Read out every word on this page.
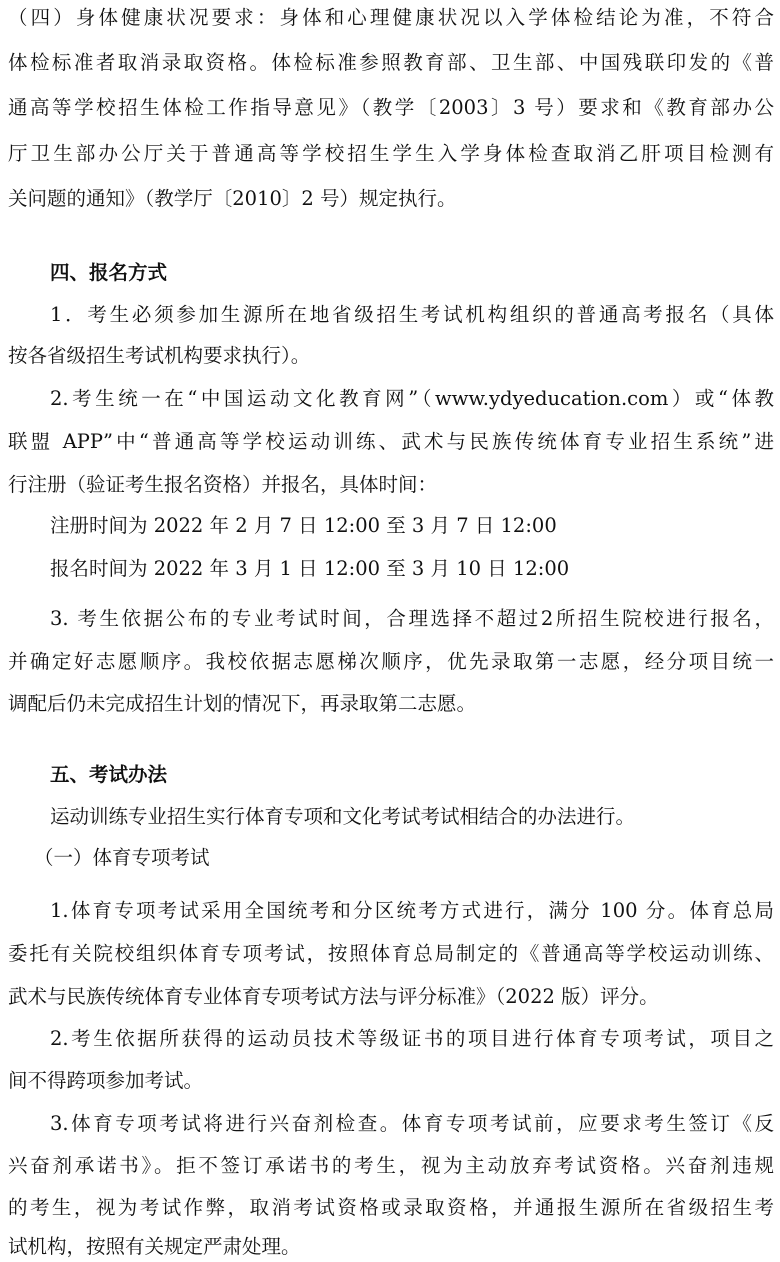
（四）身体健康状况要求：身体和心理健康状况以入学体检结论为准，不符合
体检标准者取消录取资格。体检标准参照教育部、卫生部、中国残联印发的《普
通高等学校招生体检工作指导意见》（教学〔2003〕3 号）要求和《教育部办公
厅卫生部办公厅关于普通高等学校招生学生入学身体检查取消乙肝项目检测有
关问题的通知》（教学厅〔2010〕2 号）规定执行。
四、报名方式
1．考生必须参加生源所在地省级招生考试机构组织的普通高考报名（具体
按各省级招生考试机构要求执行）。
2.考生统一在“中国运动文化教育网”（www.ydyeducation.com）或“体教
联盟 APP”中“普通高等学校运动训练、武术与民族传统体育专业招生系统”进
行注册（验证考生报名资格）并报名，具体时间：
注册时间为 2022 年 2 月 7 日 12:00 至 3 月 7 日 12:00
报名时间为 2022 年 3 月 1 日 12:00 至 3 月 10 日 12:00
3. 考生依据公布的专业考试时间，合理选择不超过2所招生院校进行报名，
并确定好志愿顺序。我校依据志愿梯次顺序，优先录取第一志愿，经分项目统一
调配后仍未完成招生计划的情况下，再录取第二志愿。
五、考试办法
运动训练专业招生实行体育专项和文化考试考试相结合的办法进行。
（一）体育专项考试
1.体育专项考试采用全国统考和分区统考方式进行，满分 100 分。体育总局
委托有关院校组织体育专项考试，按照体育总局制定的《普通高等学校运动训练、
武术与民族传统体育专业体育专项考试方法与评分标准》（2022 版）评分。
2.考生依据所获得的运动员技术等级证书的项目进行体育专项考试，项目之
间不得跨项参加考试。
3.体育专项考试将进行兴奋剂检查。体育专项考试前，应要求考生签订《反
兴奋剂承诺书》。拒不签订承诺书的考生，视为主动放弃考试资格。兴奋剂违规
的考生，视为考试作弊，取消考试资格或录取资格，并通报生源所在省级招生考
试机构，按照有关规定严肃处理。
